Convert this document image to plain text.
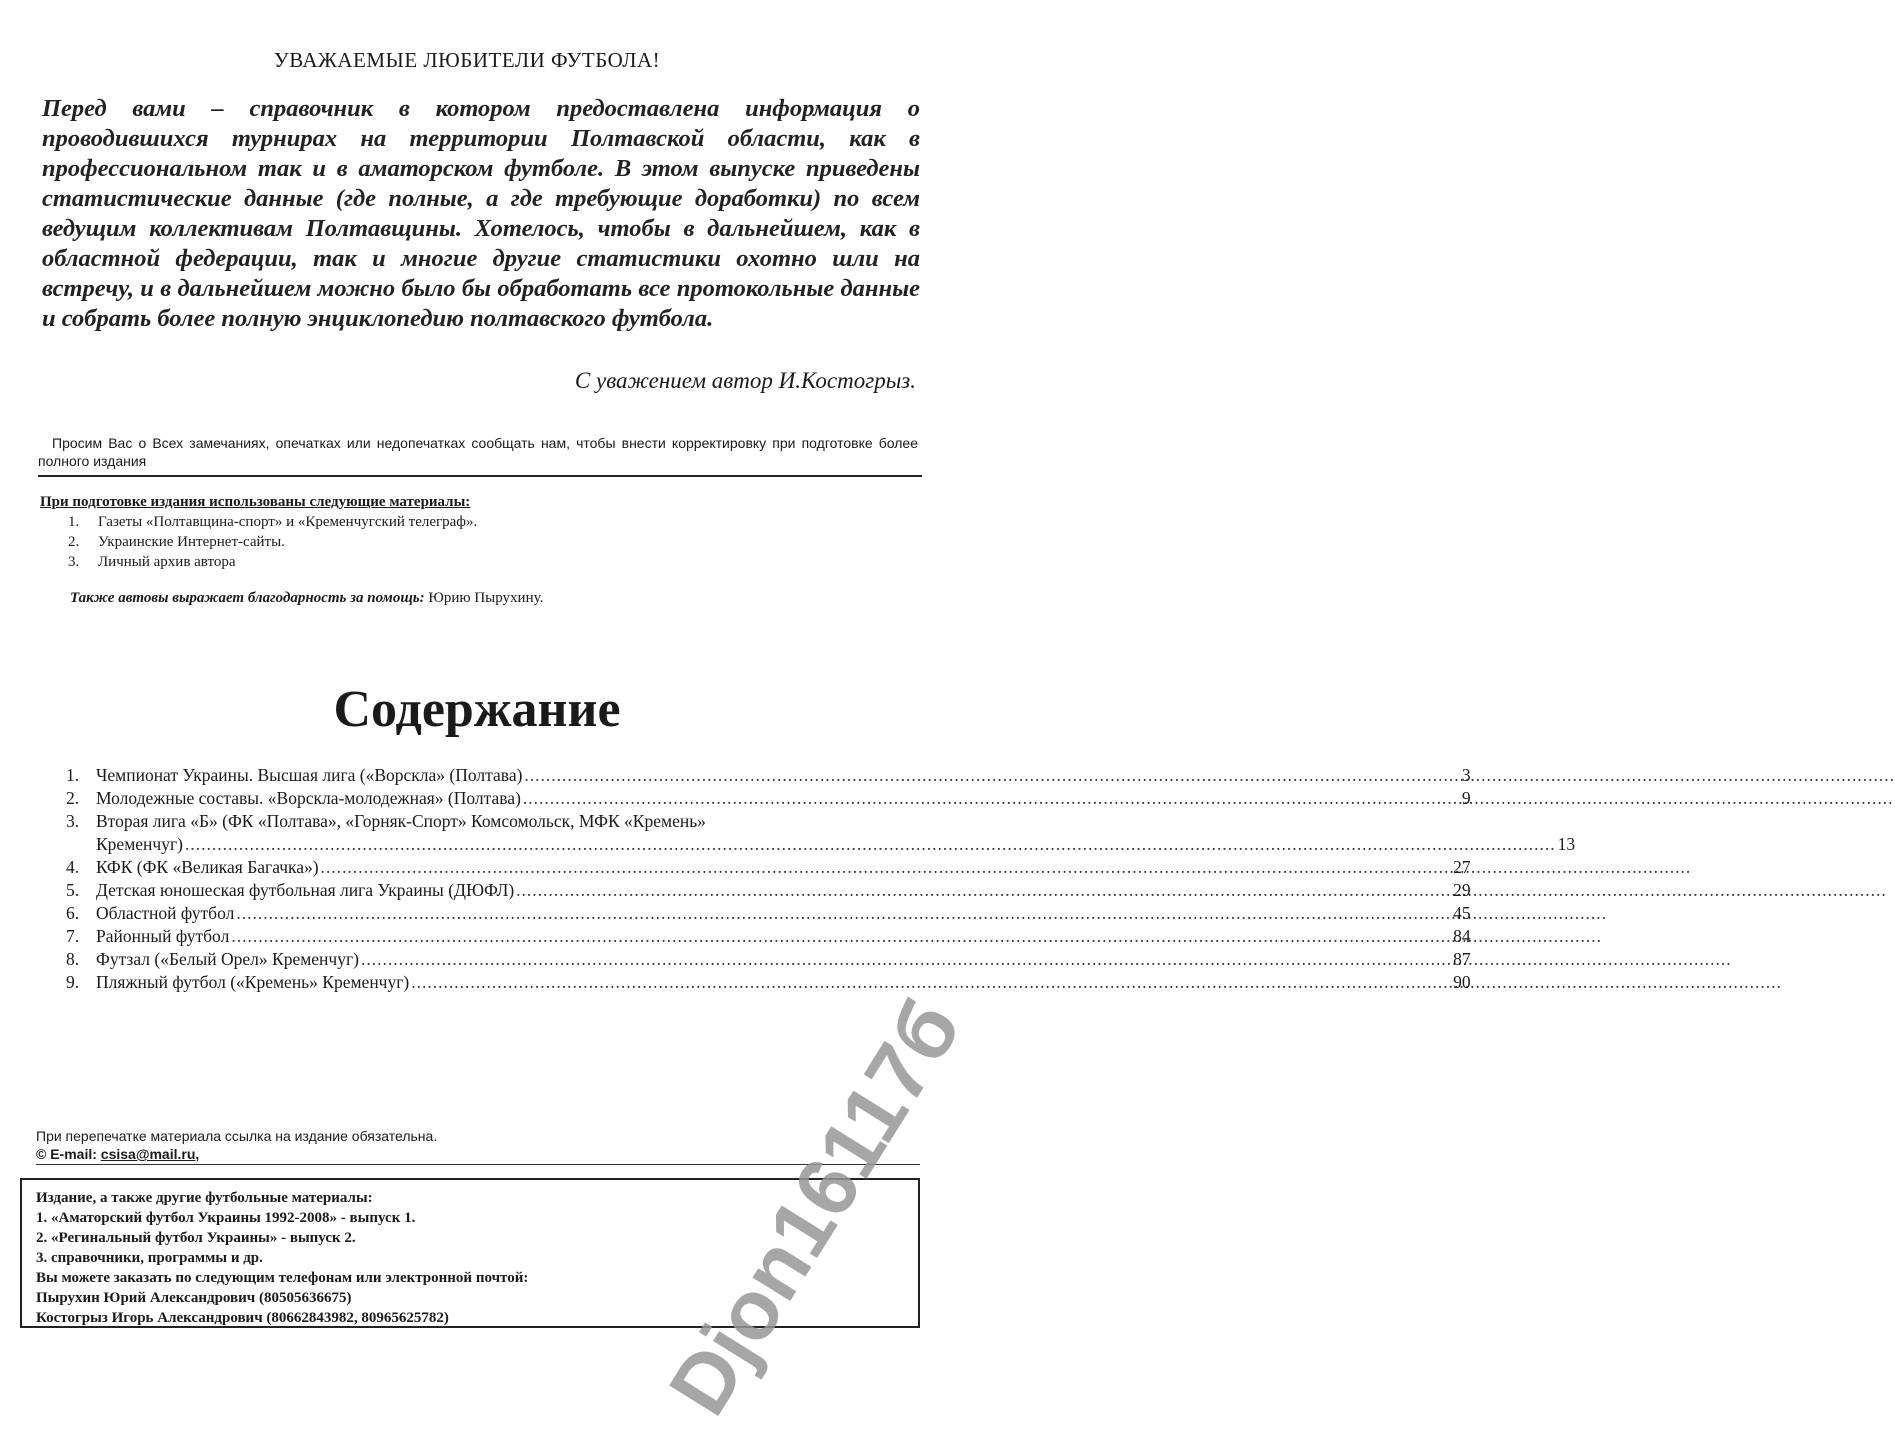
УВАЖАЕМЫЕ ЛЮБИТЕЛИ ФУТБОЛА!
Перед вами – справочник в котором предоставлена информация о проводившихся турнирах на территории Полтавской области, как в профессиональном так и в аматорском футболе. В этом выпуске приведены статистические данные (где полные, а где требующие доработки) по всем ведущим коллективам Полтавщины. Хотелось, чтобы в дальнейшем, как в областной федерации, так и многие другие статистики охотно шли на встречу, и в дальнейшем можно было бы обработать все протокольные данные и собрать более полную энциклопедию полтавского футбола.
С уважением автор И.Костогрыз.
Просим Вас о Всех замечаниях, опечатках или недопечатках сообщать нам, чтобы внести корректировку при подготовке более полного издания
При подготовке издания использованы следующие материалы:
1. Газеты «Полтавщина-спорт» и «Кременчугский телеграф».
2. Украинские Интернет-сайты.
3. Личный архив автора
Также автовы выражает благодарность за помощь: Юрию Пырухину.
Содержание
1. Чемпионат Украины. Высшая лига («Ворскла» (Полтава) .....	3
2. Молодежные составы. «Ворскла-молодежная» (Полтава) .....	9
3. Вторая лига «Б» (ФК «Полтава», «Горняк-Спорт» Комсомольск, МФК «Кремень»
Кременчуг) .....	13
4. КФК (ФК «Великая Багачка») .....	27
5. Детская юношеская футбольная лига Украины (ДЮФЛ) .....	29
6. Областной футбол .....	45
7. Районный футбол .....	84
8. Футзал («Белый Орел» Кременчуг) .....	87
9. Пляжный футбол («Кремень» Кременчуг) .....	90
При перепечатке материала ссылка на издание обязательна.
© E-mail: csisa@mail.ru,
Издание, а также другие футбольные материалы:
1. «Аматорский футбол Украины 1992-2008» - выпуск 1.
2. «Регинальный футбол Украины» - выпуск 2.
3. справочники, программы и др.
Вы можете заказать по следующим телефонам или электронной почтой:
Пырухин Юрий Александрович (80505636675)
Костогрыз Игорь Александрович (80662843982, 80965625782)	Djon16117б
